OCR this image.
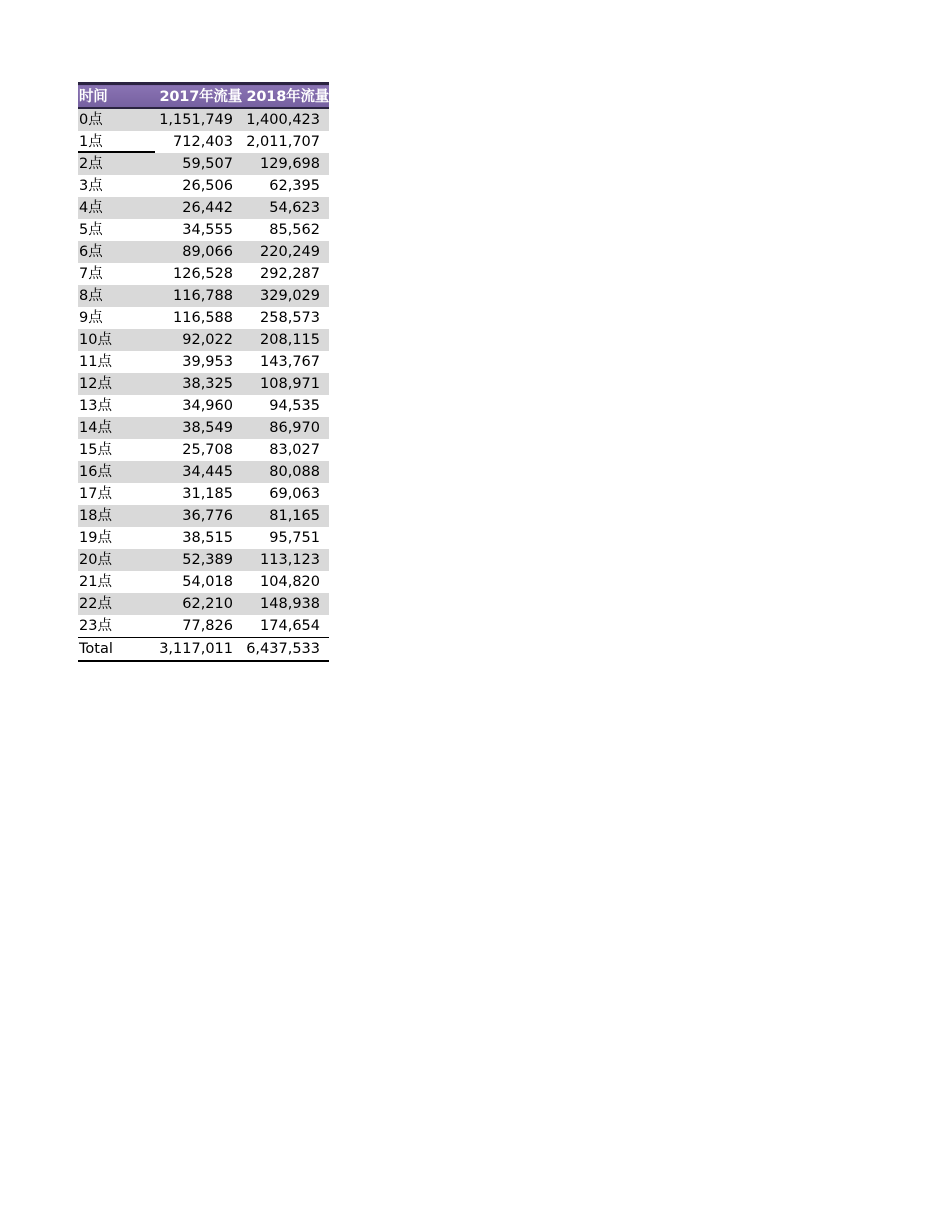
时间	2017年流量	2018年流量
0点	1,151,749	1,400,423
1点	712,403	2,011,707
2点	59,507	129,698
3点	26,506	62,395
4点	26,442	54,623
5点	34,555	85,562
6点	89,066	220,249
7点	126,528	292,287
8点	116,788	329,029
9点	116,588	258,573
10点	92,022	208,115
11点	39,953	143,767
12点	38,325	108,971
13点	34,960	94,535
14点	38,549	86,970
15点	25,708	83,027
16点	34,445	80,088
17点	31,185	69,063
18点	36,776	81,165
19点	38,515	95,751
20点	52,389	113,123
21点	54,018	104,820
22点	62,210	148,938
23点	77,826	174,654
Total	3,117,011	6,437,533
